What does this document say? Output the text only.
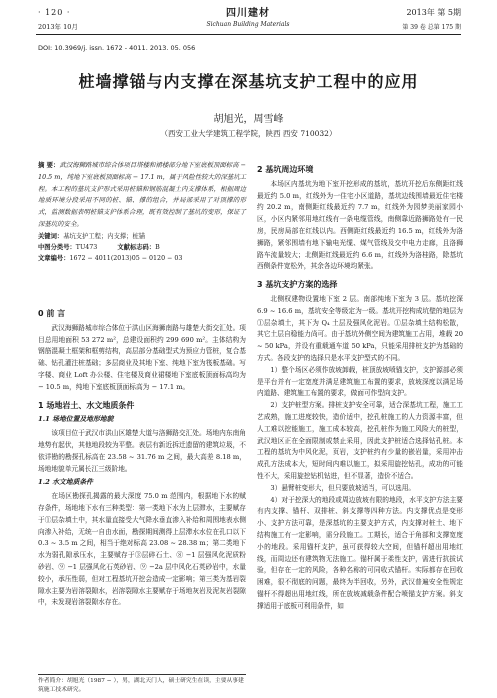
· 120 ·
2013年 10月
四川建材
Sichuan Building Materials
2013年 第 5期
第 39 卷 总第 175 期
DOI: 10.3969/j. issn. 1672 - 4011. 2013. 05. 056
桩墙撑锚与内支撑在深基坑支护工程中的应用
胡旭光，周雪峰
（西安工业大学建筑工程学院，陕西 西安 710032）
摘 要：武汉海狮路城市综合体项目塔楼和裙楼部分地下室底板顶面标高 − 10.5 m，纯地下室底板顶面标高 − 17.1 m，属于风险性较大的深基坑工程。本工程的基坑支护形式采用桩锚和钢筋混凝土内支撑体系，根据周边地质环境分段采用不同的桩、锚、撑的组合，并局部采用了对顶撑的形式，监测数据表明桩锚支护体系合理，既有效控制了基坑的变形，保证了深基坑的安全。
关键词：基坑支护工程；内支撑；桩锚
中图分类号：TU473	文献标志码：B
文章编号：1672 − 4011(2013)05 − 0120 − 03
0 前 言

武汉海狮路城市综合体位于洪山区海狮南路与雄楚大街交汇处。项目总用地面积 53 272 m²，总建设面积约 299 690 m²。主体结构为钢筋混凝土框架和框剪结构，高层部分基础型式为预应力管桩，复合基础、钻孔灌注桩基础；多层商业及其地下室、纯地下室为筏板基础。写字楼、商业 Loft 办公楼、住宅楼及商业裙楼地下室底板顶面标高均为 − 10.5 m，纯地下室底板顶面标高为 − 17.1 m。

1 场地岩土、水文地质条件
1.1 场地位置及地形地貌

该项目位于武汉市洪山区雄楚大道与洛狮路交汇处。场地内东南角地势有起伏，其他地段较为平整。表层有新近拆迁遗留的建筑垃圾，不依详勘的勘探孔标高在 23.58 ~ 31.76 m 之间，最大高差 8.18 m，场地地貌单元属长江三级阶地。

1.2 水文地质条件

在场区勘探孔揭露的最大深度 75.0 m 范围内，根据地下水的赋存条件，场地地下水有三种类型：第一类地下水为上层滞水，主要赋存于①层杂填土中，其水量直接受大气降水垂直渗入补给和周围地表水侧向渗入补给，无统一自由水面，勘探期间测得上层滞水水位在孔口以下 0.3 ~ 3.5 m 之间，相当于绝对标高 23.08 ~ 28.38 m；第二类地下水为弱孔隙承压水，主要赋存于③层碎石土、⑧ −1 层强风化泥质粉砂岩、⑨ −1 层强风化石英砂岩、⑨ −2a 层中风化石英砂岩中，水量较小，承压性弱，但对工程基坑开挖会造成一定影响；第三类为基岩裂隙水主要为岩溶裂隙水，岩溶裂隙水主要赋存于场地灰岩及泥灰岩裂隙中，未发现岩溶裂隙水存在。

2 基坑周边环境

本场区内基坑为地下室开挖形成的基坑，基坑开挖后东侧距红线最近约 5.0 m，红线外为一住宅小区道路，基坑边线围墙最近住宅楼约 20.2 m，南侧距红线最近约 7.7 m，红线外为园梦美丽家园小区，小区内紧邻用地红线有一条电缆管线，南侧靠近路狮路处有一民房，民房局部在红线以内。西侧距红线最近约 16.5 m，红线外为洛狮路，紧邻围墙有地下输电光缆、煤气管线及交中电力走廊，且洛狮路车流量较大；北侧距红线最近约 6.6 m，红线外为洛桂路，除基坑西侧条件宽松外，其余各边环境均紧张。

3 基坑支护方案的选择

北侧权建物设置地下室 2 层。南部纯地下室为 3 层。基坑挖深 6.9 ~ 16.6 m，基坑安全等级定为一级。基坑开挖构成坑壁的地层为①层杂填土，其下为 Q₄ 土层及强风化泥岩。①层杂填土结构松散，其它土层自稳能力尚可。由于基坑外侧空间为建筑施工占用，堆载 20 ~ 50 kPa，并设有重载通车道 50 kPa，只能采用排桩支护为基础的方式。各段支护的选择只是水平支护型式的不同。

1）整个场区必须作放坡卸载，桩顶放坡喷锚支护，支护源部必须是平台并有一定宽度并满足建筑施工布置的要求，放坡深度以满足场内道路、建筑施工布置的要求，做面可作型向支护。

2）支护桩型方案。排桩支护安全可靠，适合深基坑工程，施工工艺成熟，施工进度较快，造价适中，挖孔桩施工的人力资源丰富，但人工难以挖能施工，施工成本较高，挖孔桩作为施工风险大的桩型，武汉地区正在全面限制或禁止采用，因此支护桩适合选择钻孔桩。本工程的基坑为中风化泥，页岩，支护桩约有少量的嵌岩量，采用冲击成孔方法成本大，短时间内难以施工，拟采用旋挖钻孔，成功的可能性不大，采用旋挖钻机钻进，但不显著，造价不适合。

3）悬臂桩变形大，但只要放坡适当，可以选用。

4）对于挖深大的地段或周边放坡有限的地段，水平支护方法主要有内支撑、锚杆、双排桩、斜支撑等四种方法。内支撑优点是变形小、支护方法可靠，是深基坑的主要支护方式，内支撑对桩土、地下结构施工有一定影响，需分段施工。工期长，适合于角部和支撑宽度小的地段。采用锚杆支护，虽可获得较大空间，但锚杆超出用地红线，而周边还有建筑物无法施工。锚杆属于柔性支护，需进行抗拔试验，但存在一定的风险，各种名称的可同收式锚杆。实际都存在回收困难，很不彻底的问题，最终为半回收，另外，武汉普遍安全性规定锚杆不得超出用地红线，所在放坡减载条件配合喷锚支护方案。斜支撑适用于底板可利用条件，如

作者简介：胡旭光（1987 − ），男，湖北天门人，硕士研究生在读，主要从事建筑施工技术研究。
